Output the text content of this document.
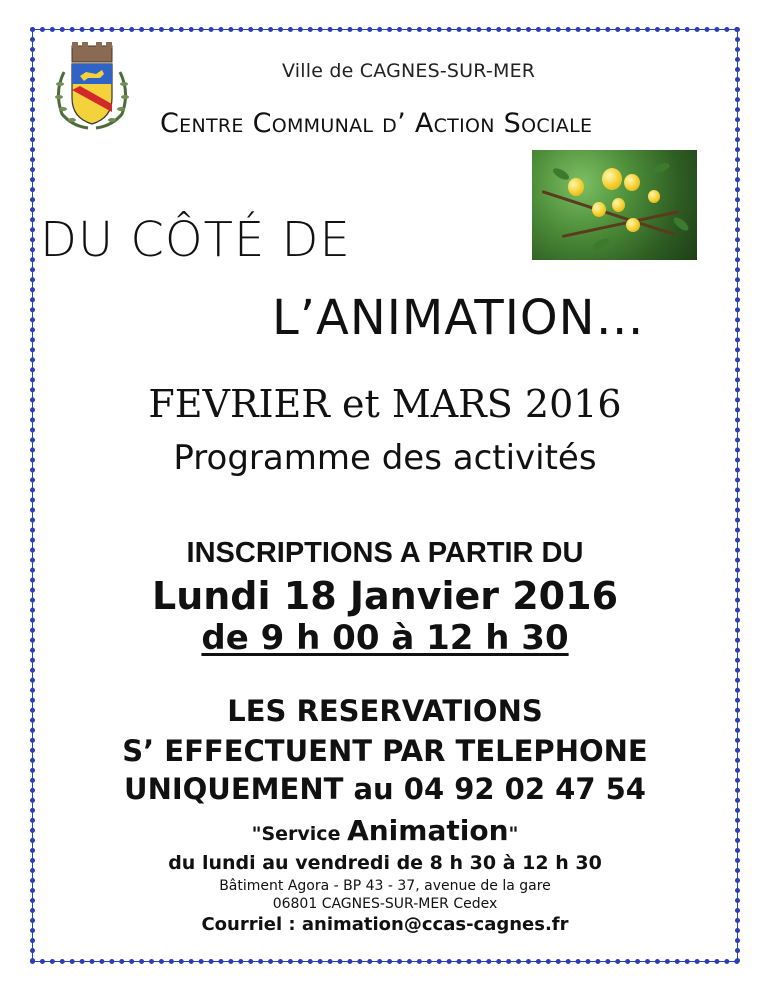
Ville de CAGNES-SUR-MER
Centre Communal d’ Action Sociale
DU CÔTÉ DE
L’ANIMATION…
FEVRIER et MARS 2016
Programme des activités
INSCRIPTIONS A PARTIR DU
Lundi 18 Janvier 2016
de 9 h 00 à 12 h 30
LES RESERVATIONS
S’ EFFECTUENT PAR TELEPHONE
UNIQUEMENT au 04 92 02 47 54
"Service Animation"
du lundi au vendredi de 8 h 30 à 12 h 30
Bâtiment Agora - BP 43 - 37, avenue de la gare
06801 CAGNES-SUR-MER Cedex
Courriel : animation@ccas-cagnes.fr
